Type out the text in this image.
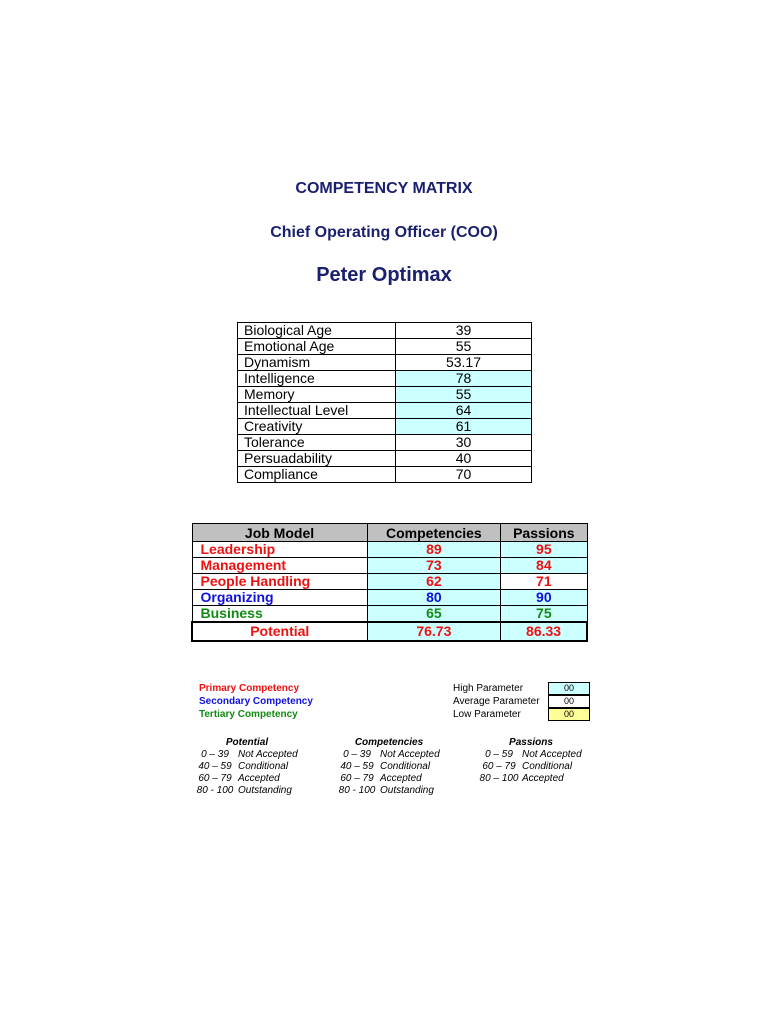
COMPETENCY MATRIX
Chief Operating Officer (COO)
Peter Optimax
Biological Age	39
Emotional Age	55
Dynamism	53.17
Intelligence	78
Memory	55
Intellectual Level	64
Creativity	61
Tolerance	30
Persuadability	40
Compliance	70
Job Model	Competencies	Passions
Leadership	89	95
Management	73	84
People Handling	62	71
Organizing	80	90
Business	65	75
Potential	76.73	86.33
Primary Competency
Secondary Competency
Tertiary Competency
High Parameter	00
Average Parameter	00
Low Parameter	00
Potential
0 – 39 Not Accepted
40 – 59 Conditional
60 – 79 Accepted
80 - 100 Outstanding
Competencies
0 – 39 Not Accepted
40 – 59 Conditional
60 – 79 Accepted
80 - 100 Outstanding
Passions
0 – 59 Not Accepted
60 – 79 Conditional
80 – 100 Accepted
